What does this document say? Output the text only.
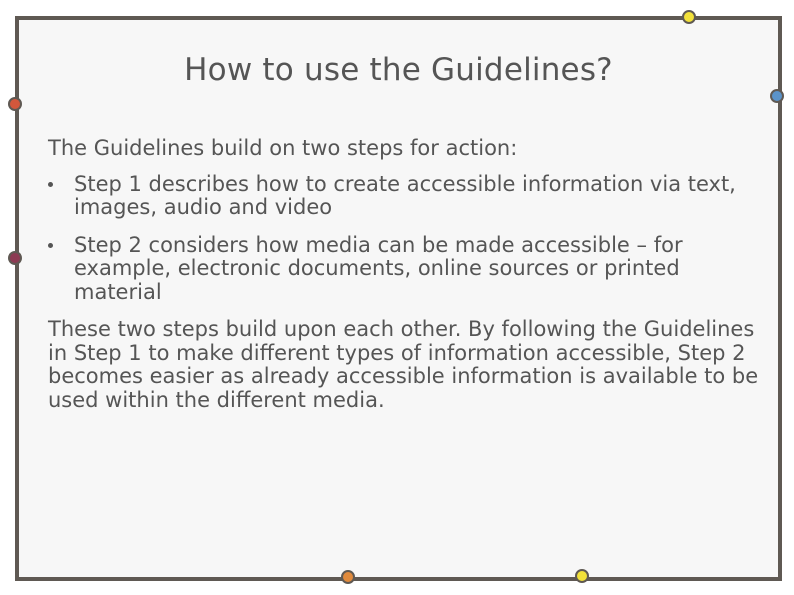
How to use the Guidelines?

The Guidelines build on two steps for action:

Step 1 describes how to create accessible information via text, images, audio and video
Step 2 considers how media can be made accessible – for example, electronic documents, online sources or printed material

These two steps build upon each other. By following the Guidelines in Step 1 to make different types of information accessible, Step 2 becomes easier as already accessible information is available to be used within the different media.
